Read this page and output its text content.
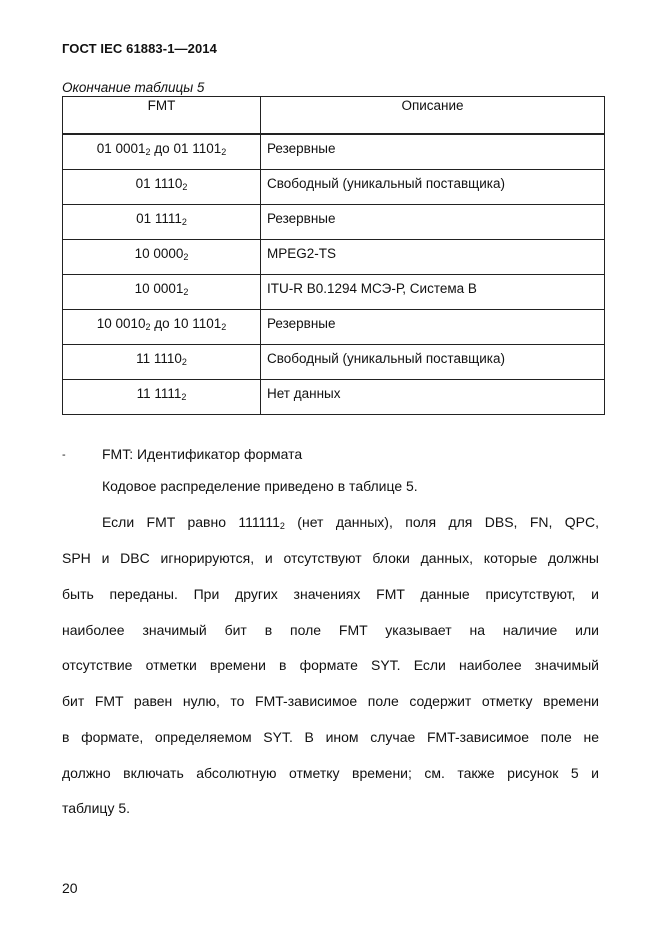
ГОСТ IEC 61883-1—2014
Окончание таблицы 5
FMT	Описание
01 $0001_2$ до 01 $1101_2$	Резервные
01 $1110_2$	Свободный (уникальный поставщика)
01 $1111_2$	Резервные
10 $0000_2$	MPEG2-TS
10 $0001_2$	ITU-R B0.1294 МСЭ-Р, Система В
10 $0010_2$ до 10 $1101_2$	Резервные
11 $1110_2$	Свободный (уникальный поставщика)
11 $1111_2$	Нет данных
-	FMT: Идентификатор формата
Кодовое распределение приведено в таблице 5.
Если FMT равно $111111_2$ (нет данных), поля для DBS, FN, QPC,
SPH и DBC игнорируются, и отсутствуют блоки данных, которые должны
быть переданы. При других значениях FMT данные присутствуют, и
наиболее значимый бит в поле FMT указывает на наличие или
отсутствие отметки времени в формате SYT. Если наиболее значимый
бит FMT равен нулю, то FMT-зависимое поле содержит отметку времени
в формате, определяемом SYT. В ином случае FMT-зависимое поле не
должно включать абсолютную отметку времени; см. также рисунок 5 и
таблицу 5.
20
